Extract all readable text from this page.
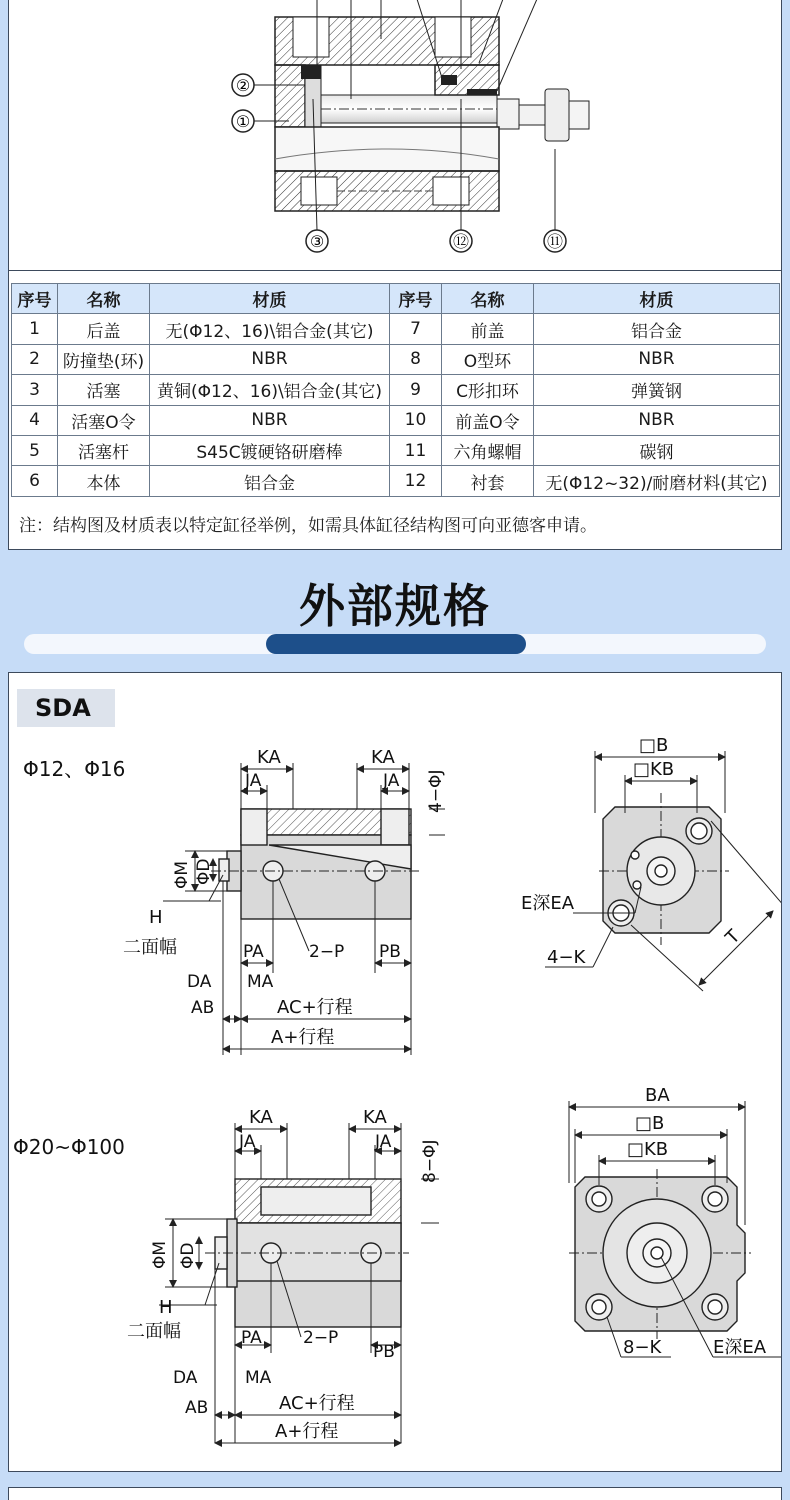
②
①
③	⑫	⑪
序号	名称	材质	序号	名称	材质
1	后盖	无(Φ12、16)\铝合金(其它)	7	前盖	铝合金
2	防撞垫(环)	NBR	8	O型环	NBR
3	活塞	黄铜(Φ12、16)\铝合金(其它)	9	C形扣环	弹簧钢
4	活塞O令	NBR	10	前盖O令	NBR
5	活塞杆	S45C镀硬铬研磨棒	11	六角螺帽	碳钢
6	本体	铝合金	12	衬套	无(Φ12~32)/耐磨材料(其它)
注：结构图及材质表以特定缸径举例，如需具体缸径结构图可向亚德客申请。
外部规格
SDA
Φ12、Φ16
Φ20~Φ100
KA
JA
KA
JA 4−ΦJ
ΦM ΦD
H
二面幅	PA	2−P PB
MA
DA
AB	AC+行程
A+行程
□B
□KB
E深EA
4−K
T
KA
JA
KA
JA 8−ΦJ
ΦM ΦD
H
二面幅	PA 2−P
PB
MA
DA
AB	AC+行程
A+行程
BA
□B
□KB
8−K	E深EA
